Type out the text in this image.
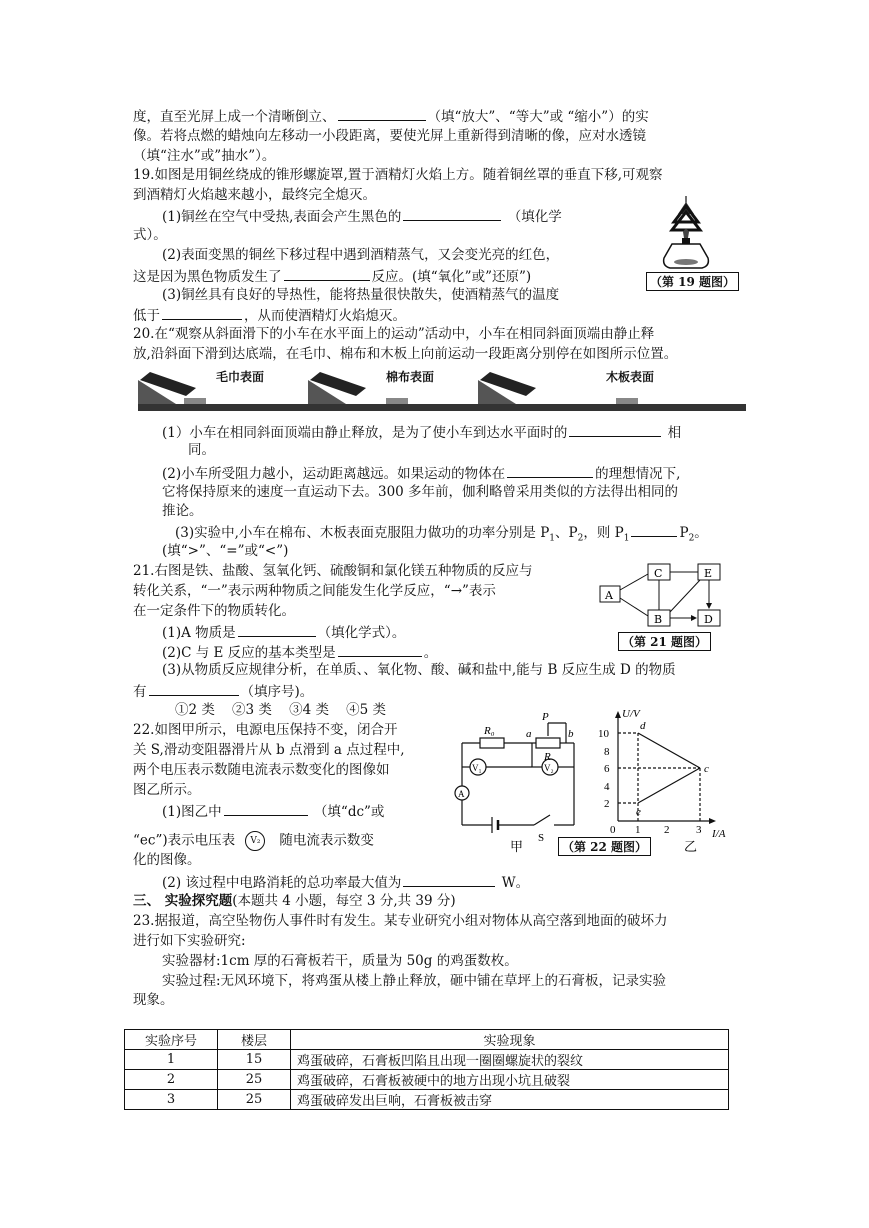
度，直至光屏上成一个清晰倒立、	（填“放大”、“等大”或 “缩小”）的实
像。若将点燃的蜡烛向左移动一小段距离，要使光屏上重新得到清晰的像，应对水透镜
（填“注水”或”抽水”）。
19.如图是用铜丝绕成的锥形螺旋罩,置于酒精灯火焰上方。随着铜丝罩的垂直下移,可观察
到酒精灯火焰越来越小，最终完全熄灭。
(1)铜丝在空气中受热,表面会产生黑色的	（填化学
式）。
(2)表面变黑的铜丝下移过程中遇到酒精蒸气，又会变光亮的红色，
这是因为黑色物质发生了	反应。(填“氧化”或”还原”)
(3)铜丝具有良好的导热性，能将热量很快散失，使酒精蒸气的温度
低于	，从而使酒精灯火焰熄灭。
（第 19 题图）
20.在“观察从斜面滑下的小车在水平面上的运动”活动中，小车在相同斜面顶端由静止释
放,沿斜面下滑到达底端，在毛巾、棉布和木板上向前运动一段距离分别停在如图所示位置。
毛巾表面	棉布表面	木板表面
(1）小车在相同斜面顶端由静止释放，是为了使小车到达水平面时的	相
同。
(2)小车所受阻力越小，运动距离越远。如果运动的物体在	的理想情况下,
它将保持原来的速度一直运动下去。300 多年前，伽利略曾采用类似的方法得出相同的
推论。
(3)实验中,小车在棉布、木板表面克服阻力做功的功率分别是 $P_1$、$P_2$，则 $P_1$	$P_2$。
(填“>”、“=”或“<”)
21.右图是铁、盐酸、氢氧化钙、硫酸铜和氯化镁五种物质的反应与
转化关系，“一”表示两种物质之间能发生化学反应，“→”表示
在一定条件下的物质转化。
(1)A 物质是	（填化学式）。
(2)C 与 E 反应的基本类型是	。
(3)从物质反应规律分析，在单质、、氧化物、酸、碱和盐中,能与 B 反应生成 D 的物质
有	（填序号)。
①2 类    ②3 类    ③4 类    ④5 类
A
C	E
B	D
（第 21 题图）
22.如图甲所示，电源电压保持不变，闭合开
关 S,滑动变阻器滑片从 b 点滑到 a 点过程中,
两个电压表示数随电流表示数变化的图像如
图乙所示。
(1)图乙中	（填“dc”或
“ec”)表示电压表 V₂ 随电流表示数变
化的图像。
(2) 该过程中电路消耗的总功率最大值为	W。
R₀	a
P
b
R
V₁	V₂
A
S
甲
U/V
I/A
10
8
6
4
2
0 1 2 3
d
c
e
乙
（第 22 题图）
三、 实验探究题(本题共 4 小题，每空 3 分,共 39 分)
23.据报道，高空坠物伤人事件时有发生。某专业研究小组对物体从高空落到地面的破坏力
进行如下实验研究:
实验器材:1cm 厚的石膏板若干，质量为 50g 的鸡蛋数枚。
实验过程:无风环境下，将鸡蛋从楼上静止释放，砸中铺在草坪上的石膏板，记录实验
现象。
实验序号	楼层	实验现象
1	15	鸡蛋破碎，石膏板凹陷且出现一圈圈螺旋状的裂纹
2	25	鸡蛋破碎，石膏板被硬中的地方出现小坑且破裂
3	25	鸡蛋破碎发出巨响，石膏板被击穿
